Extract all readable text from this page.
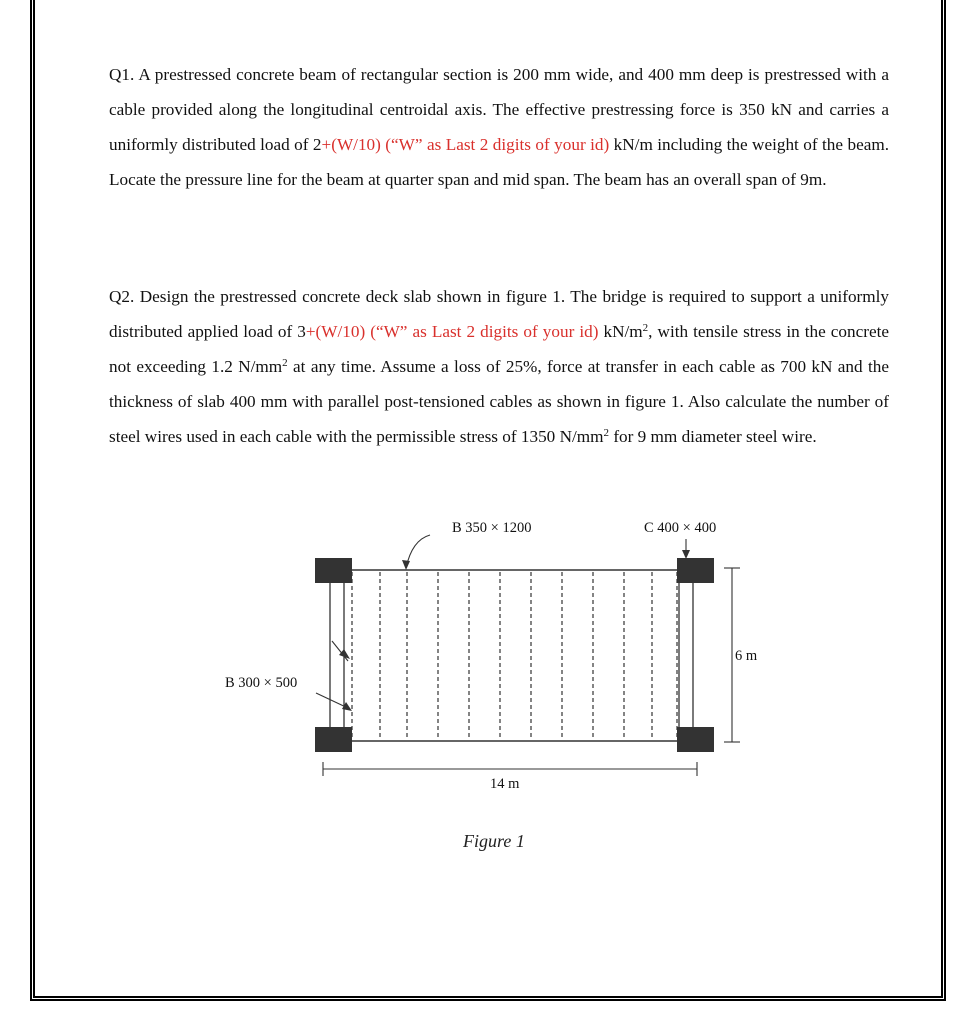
Q1. A prestressed concrete beam of rectangular section is 200 mm wide, and 400 mm deep is prestressed with a cable provided along the longitudinal centroidal axis. The effective prestressing force is 350 kN and carries a uniformly distributed load of 2+(W/10) (“W” as Last 2 digits of your id) kN/m including the weight of the beam. Locate the pressure line for the beam at quarter span and mid span. The beam has an overall span of 9m.

Q2. Design the prestressed concrete deck slab shown in figure 1. The bridge is required to support a uniformly distributed applied load of 3+(W/10) (“W” as Last 2 digits of your id) $kN/m^2$, with tensile stress in the concrete not exceeding 1.2 $N/mm^2$ at any time. Assume a loss of 25%, force at transfer in each cable as 700 kN and the thickness of slab 400 mm with parallel post-tensioned cables as shown in figure 1. Also calculate the number of steel wires used in each cable with the permissible stress of 1350 $N/mm^2$ for 9 mm diameter steel wire.

B 350 × 1200	C 400 × 400
B 300 × 500
14 m
6 m
Figure 1
